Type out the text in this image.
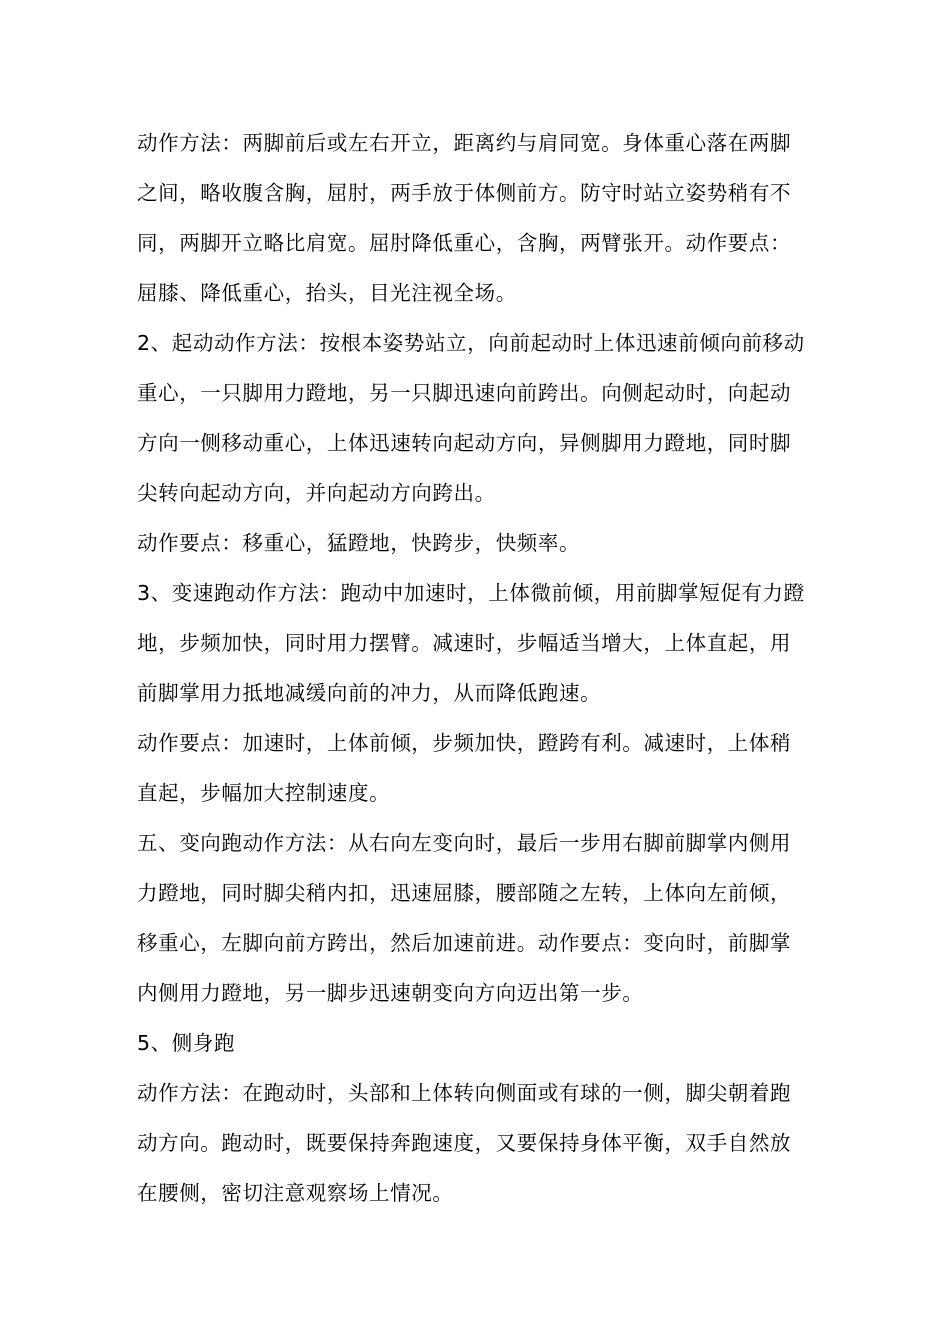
动作方法：两脚前后或左右开立，距离约与肩同宽。身体重心落在两脚
之间，略收腹含胸，屈肘，两手放于体侧前方。防守时站立姿势稍有不
同，两脚开立略比肩宽。屈肘降低重心，含胸，两臂张开。动作要点：
屈膝、降低重心，抬头，目光注视全场。

2、起动动作方法：按根本姿势站立，向前起动时上体迅速前倾向前移动
重心，一只脚用力蹬地，另一只脚迅速向前跨出。向侧起动时，向起动
方向一侧移动重心，上体迅速转向起动方向，异侧脚用力蹬地，同时脚
尖转向起动方向，并向起动方向跨出。

动作要点：移重心，猛蹬地，快跨步，快频率。

3、变速跑动作方法：跑动中加速时，上体微前倾，用前脚掌短促有力蹬
地，步频加快，同时用力摆臂。减速时，步幅适当增大，上体直起，用
前脚掌用力抵地减缓向前的冲力，从而降低跑速。

动作要点：加速时，上体前倾，步频加快，蹬跨有利。减速时，上体稍
直起，步幅加大控制速度。

五、变向跑动作方法：从右向左变向时，最后一步用右脚前脚掌内侧用
力蹬地，同时脚尖稍内扣，迅速屈膝，腰部随之左转，上体向左前倾，
移重心，左脚向前方跨出，然后加速前进。动作要点：变向时，前脚掌
内侧用力蹬地，另一脚步迅速朝变向方向迈出第一步。

5、侧身跑

动作方法：在跑动时，头部和上体转向侧面或有球的一侧，脚尖朝着跑
动方向。跑动时，既要保持奔跑速度，又要保持身体平衡，双手自然放
在腰侧，密切注意观察场上情况。
